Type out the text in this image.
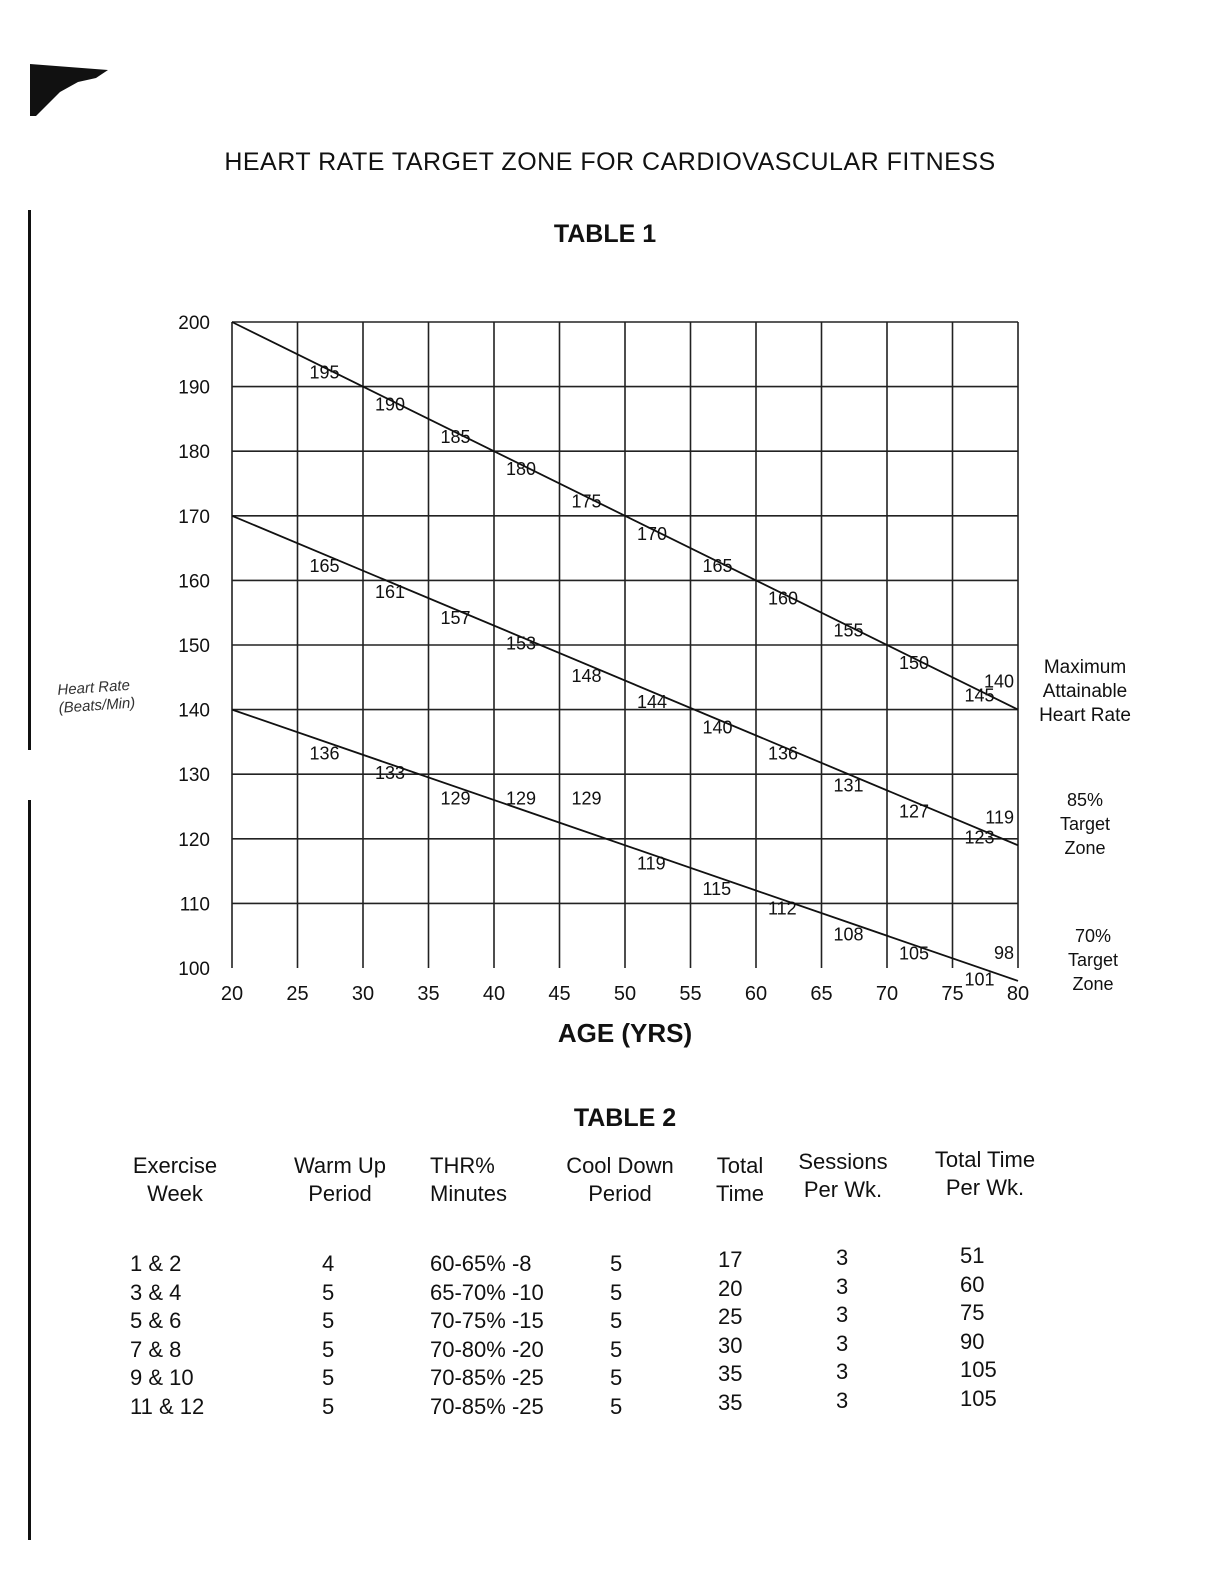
HEART RATE TARGET ZONE FOR CARDIOVASCULAR FITNESS
TABLE 1
Heart Rate (Beats/Min)
100
110
120
130
140
150
160
170
180
190
200
20 25 30 35 40 45 50 55 60 65 70 75 80
AGE (YRS)
195
190
185
180
175
170
165
160
155
150
145
140
165
161
157
153
148
144
140
136
131
127
123
119
136
133
129 129 129
119
115
112
108
105
101
98
Maximum
Attainable
Heart Rate
85%
Target
Zone
70%
Target
Zone
TABLE 2
Exercise
Week
1 & 2
3 & 4
5 & 6
7 & 8
9 & 10
11 & 12
Warm Up
Period
4
5
5
5
5
5
THR%
Minutes
60-65% -8
65-70% -10
70-75% -15
70-80% -20
70-85% -25
70-85% -25
Cool Down
Period
5
5
5
5
5
5
Total
Time
17
20
25
30
35
35
Sessions
Per Wk.
3
3
3
3
3
3
Total Time
Per Wk.
51
60
75
90
105
105
